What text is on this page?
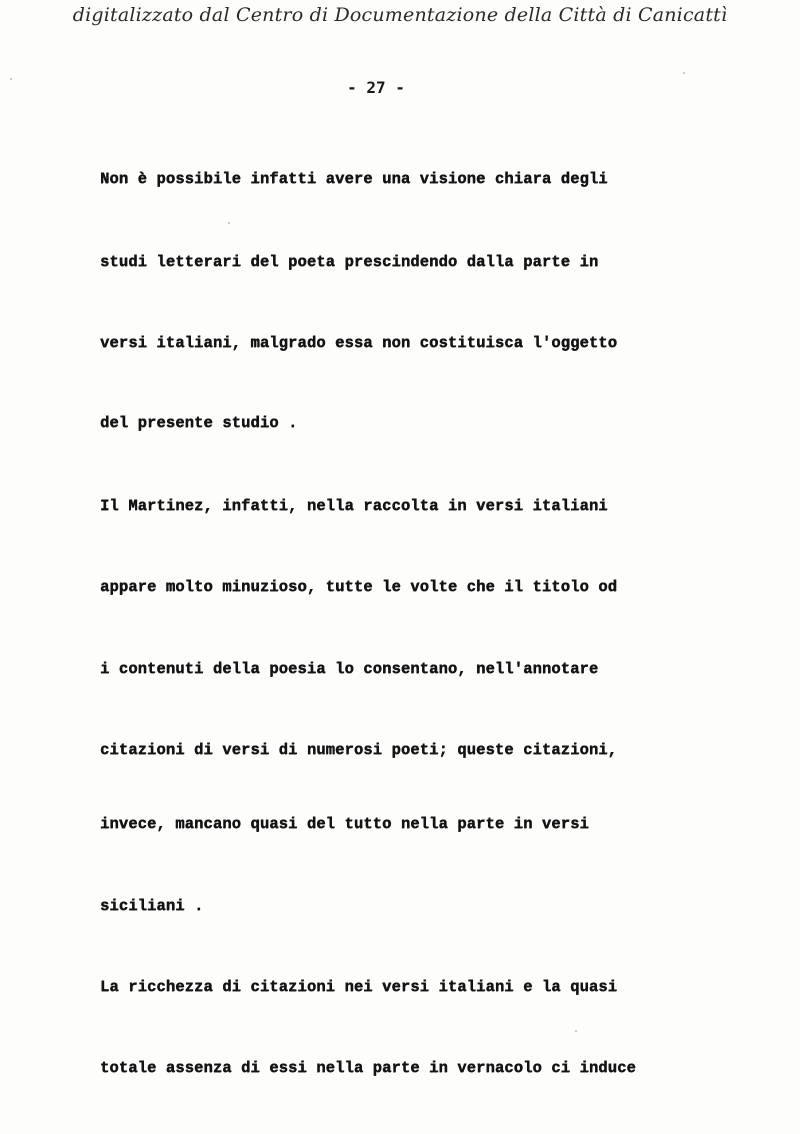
digitalizzato dal Centro di Documentazione della Città di Canicattì
- 27 -
Non è possibile infatti avere una visione chiara degli
studi letterari del poeta prescindendo dalla parte in
versi italiani, malgrado essa non costituisca l'oggetto
del presente studio .
Il Martinez, infatti, nella raccolta in versi italiani
appare molto minuzioso, tutte le volte che il titolo od
i contenuti della poesia lo consentano, nell'annotare
citazioni di versi di numerosi poeti; queste citazioni,
invece, mancano quasi del tutto nella parte in versi
siciliani .
La ricchezza di citazioni nei versi italiani e la quasi
totale assenza di essi nella parte in vernacolo ci induce
